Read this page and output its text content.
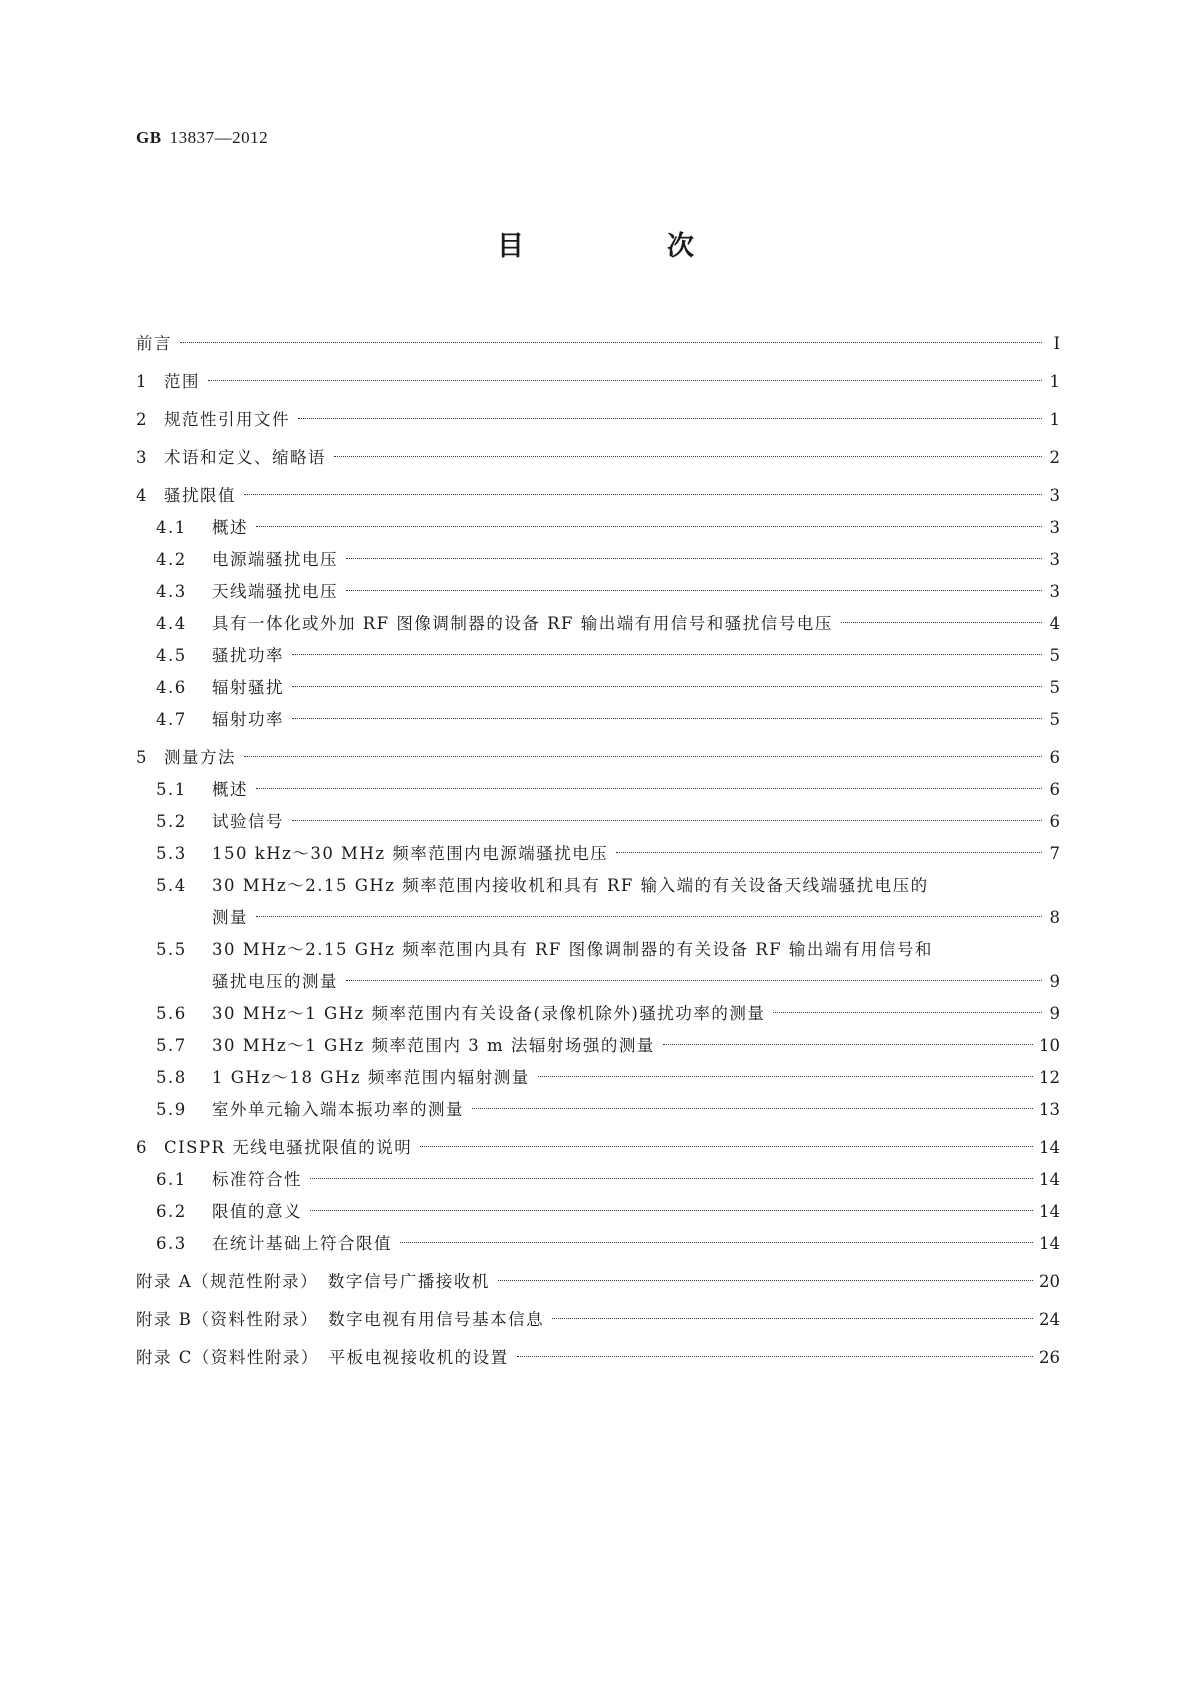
GB 13837—2012
目　次
前言	Ⅰ
1 范围	1
2 规范性引用文件	1
3 术语和定义、缩略语	2
4 骚扰限值	3
4.1	概述	3
4.2	电源端骚扰电压	3
4.3	天线端骚扰电压	3
4.4	具有一体化或外加 RF 图像调制器的设备 RF 输出端有用信号和骚扰信号电压	4
4.5	骚扰功率	5
4.6	辐射骚扰	5
4.7	辐射功率	5
5 测量方法	6
5.1	概述	6
5.2	试验信号	6
5.3	150 kHz～30 MHz 频率范围内电源端骚扰电压	7
5.4	30 MHz～2.15 GHz 频率范围内接收机和具有 RF 输入端的有关设备天线端骚扰电压的
测量	8
5.5	30 MHz～2.15 GHz 频率范围内具有 RF 图像调制器的有关设备 RF 输出端有用信号和
骚扰电压的测量	9
5.6	30 MHz～1 GHz 频率范围内有关设备(录像机除外)骚扰功率的测量	9
5.7	30 MHz～1 GHz 频率范围内 3 m 法辐射场强的测量	10
5.8	1 GHz～18 GHz 频率范围内辐射测量	12
5.9	室外单元输入端本振功率的测量	13
6 CISPR 无线电骚扰限值的说明	14
6.1	标准符合性	14
6.2	限值的意义	14
6.3	在统计基础上符合限值	14
附录 A（规范性附录）　数字信号广播接收机	20
附录 B（资料性附录）　数字电视有用信号基本信息	24
附录 C（资料性附录）　平板电视接收机的设置	26
